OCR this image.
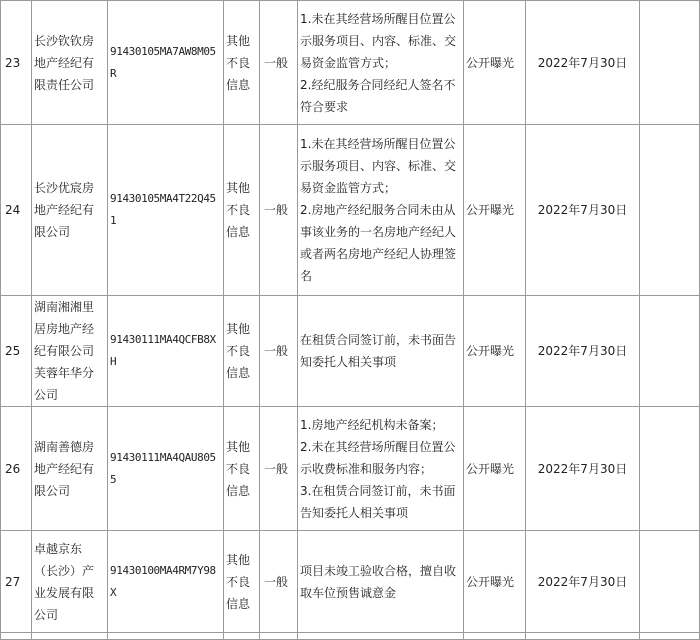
23	长沙钦钦房地产经纪有限责任公司	91430105MA7AW8M05R	其他不良信息	一般	1.未在其经营场所醒目位置公示服务项目、内容、标准、交易资金监管方式；
2.经纪服务合同经纪人签名不符合要求	公开曝光	2022年7月30日	
24	长沙优宸房地产经纪有限公司	91430105MA4T22Q451	其他不良信息	一般	1.未在其经营场所醒目位置公示服务项目、内容、标准、交易资金监管方式；
2.房地产经纪服务合同未由从事该业务的一名房地产经纪人或者两名房地产经纪人协理签名	公开曝光	2022年7月30日	
25	湖南湘湘里居房地产经纪有限公司芙蓉年华分公司	91430111MA4QCFB8XH	其他不良信息	一般	在租赁合同签订前，未书面告知委托人相关事项	公开曝光	2022年7月30日	
26	湖南善德房地产经纪有限公司	91430111MA4QAU8055	其他不良信息	一般	1.房地产经纪机构未备案；
2.未在其经营场所醒目位置公示收费标准和服务内容；
3.在租赁合同签订前，未书面告知委托人相关事项	公开曝光	2022年7月30日	
27	卓越京东（长沙）产业发展有限公司	91430100MA4RM7Y98X	其他不良信息	一般	项目未竣工验收合格，擅自收取车位预售诚意金	公开曝光	2022年7月30日	
